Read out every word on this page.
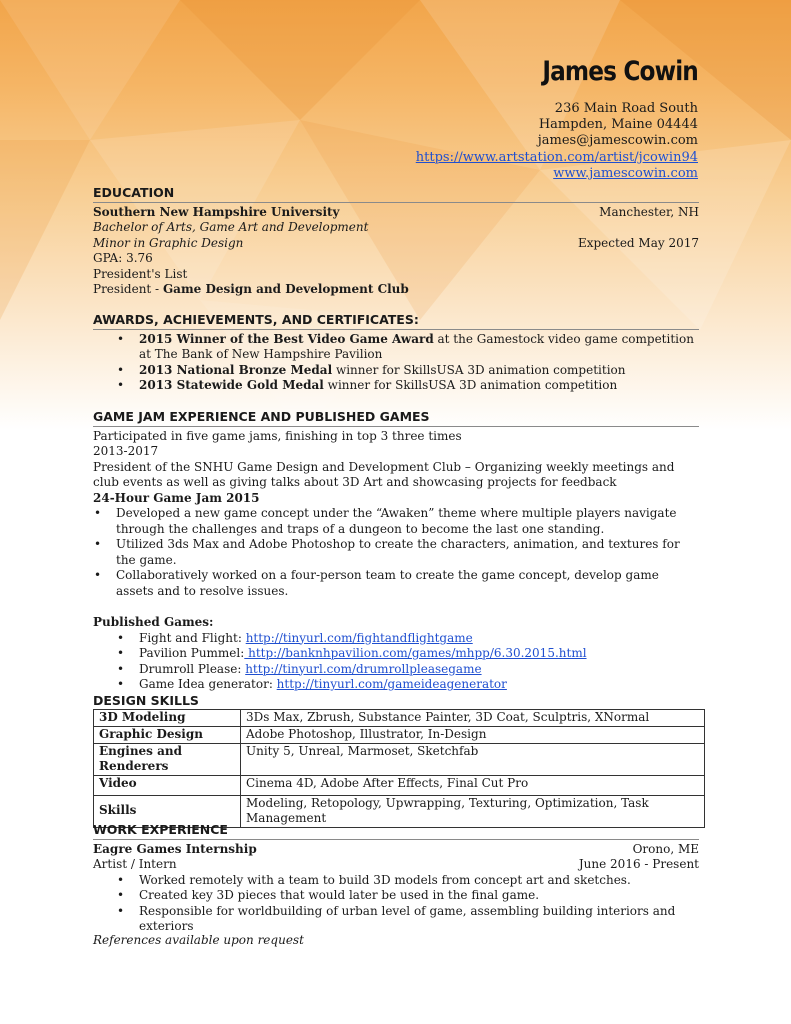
James Cowin
236 Main Road South
Hampden, Maine 04444
james@jamescowin.com
https://www.artstation.com/artist/jcowin94
www.jamescowin.com
EDUCATION
Southern New Hampshire University	Manchester, NH
Bachelor of Arts, Game Art and Development
Minor in Graphic Design	Expected May 2017
GPA: 3.76
President's List
President - Game Design and Development Club
AWARDS, ACHIEVEMENTS, AND CERTIFICATES:
• 2015 Winner of the Best Video Game Award at the Gamestock video game competition at The Bank of New Hampshire Pavilion
• 2013 National Bronze Medal winner for SkillsUSA 3D animation competition
• 2013 Statewide Gold Medal winner for SkillsUSA 3D animation competition
GAME JAM EXPERIENCE AND PUBLISHED GAMES
Participated in five game jams, finishing in top 3 three times
2013-2017
President of the SNHU Game Design and Development Club – Organizing weekly meetings and club events as well as giving talks about 3D Art and showcasing projects for feedback
24-Hour Game Jam 2015
• Developed a new game concept under the “Awaken” theme where multiple players navigate through the challenges and traps of a dungeon to become the last one standing.
• Utilized 3ds Max and Adobe Photoshop to create the characters, animation, and textures for the game.
• Collaboratively worked on a four-person team to create the game concept, develop game assets and to resolve issues.
Published Games:
• Fight and Flight: http://tinyurl.com/fightandflightgame
• Pavilion Pummel: http://banknhpavilion.com/games/mhpp/6.30.2015.html
• Drumroll Please: http://tinyurl.com/drumrollpleasegame
• Game Idea generator: http://tinyurl.com/gameideagenerator
DESIGN SKILLS
3D Modeling	3Ds Max, Zbrush, Substance Painter, 3D Coat, Sculptris, XNormal
Graphic Design	Adobe Photoshop, Illustrator, In-Design
Engines and Renderers	Unity 5, Unreal, Marmoset, Sketchfab
Video	Cinema 4D, Adobe After Effects, Final Cut Pro
Skills	Modeling, Retopology, Upwrapping, Texturing, Optimization, Task Management
WORK EXPERIENCE
Eagre Games Internship	Orono, ME
Artist / Intern	June 2016 - Present
• Worked remotely with a team to build 3D models from concept art and sketches.
• Created key 3D pieces that would later be used in the final game.
• Responsible for worldbuilding of urban level of game, assembling building interiors and exteriors
References available upon request
